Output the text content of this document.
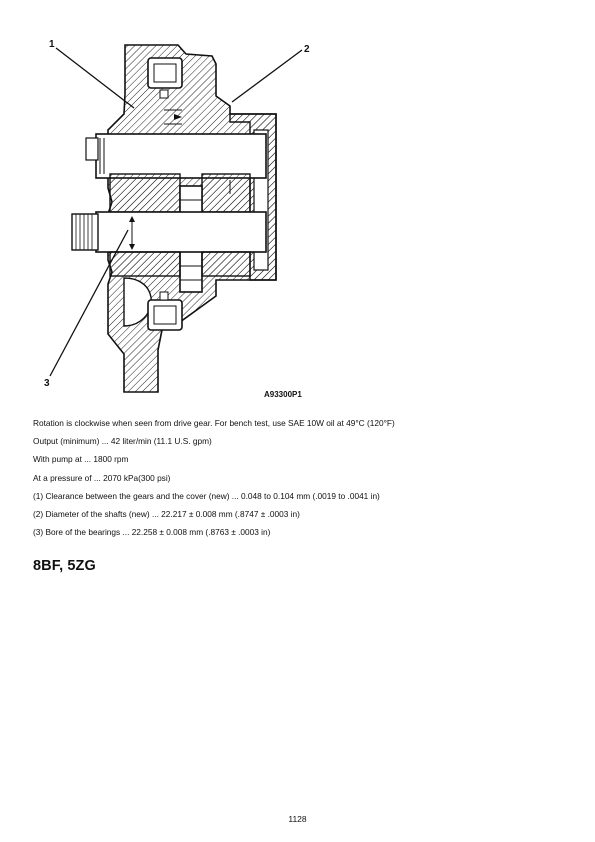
1	2
3
A93300P1

Rotation is clockwise when seen from drive gear. For bench test, use SAE 10W oil at 49°C (120°F)

Output (minimum) ... 42 liter/min (11.1 U.S. gpm)

With pump at ... 1800 rpm

At a pressure of ... 2070 kPa(300 psi)

(1) Clearance between the gears and the cover (new) ... 0.048 to 0.104 mm (.0019 to .0041 in)

(2) Diameter of the shafts (new) ... 22.217 ± 0.008 mm (.8747 ± .0003 in)

(3) Bore of the bearings ... 22.258 ± 0.008 mm (.8763 ± .0003 in)

8BF, 5ZG
1128
